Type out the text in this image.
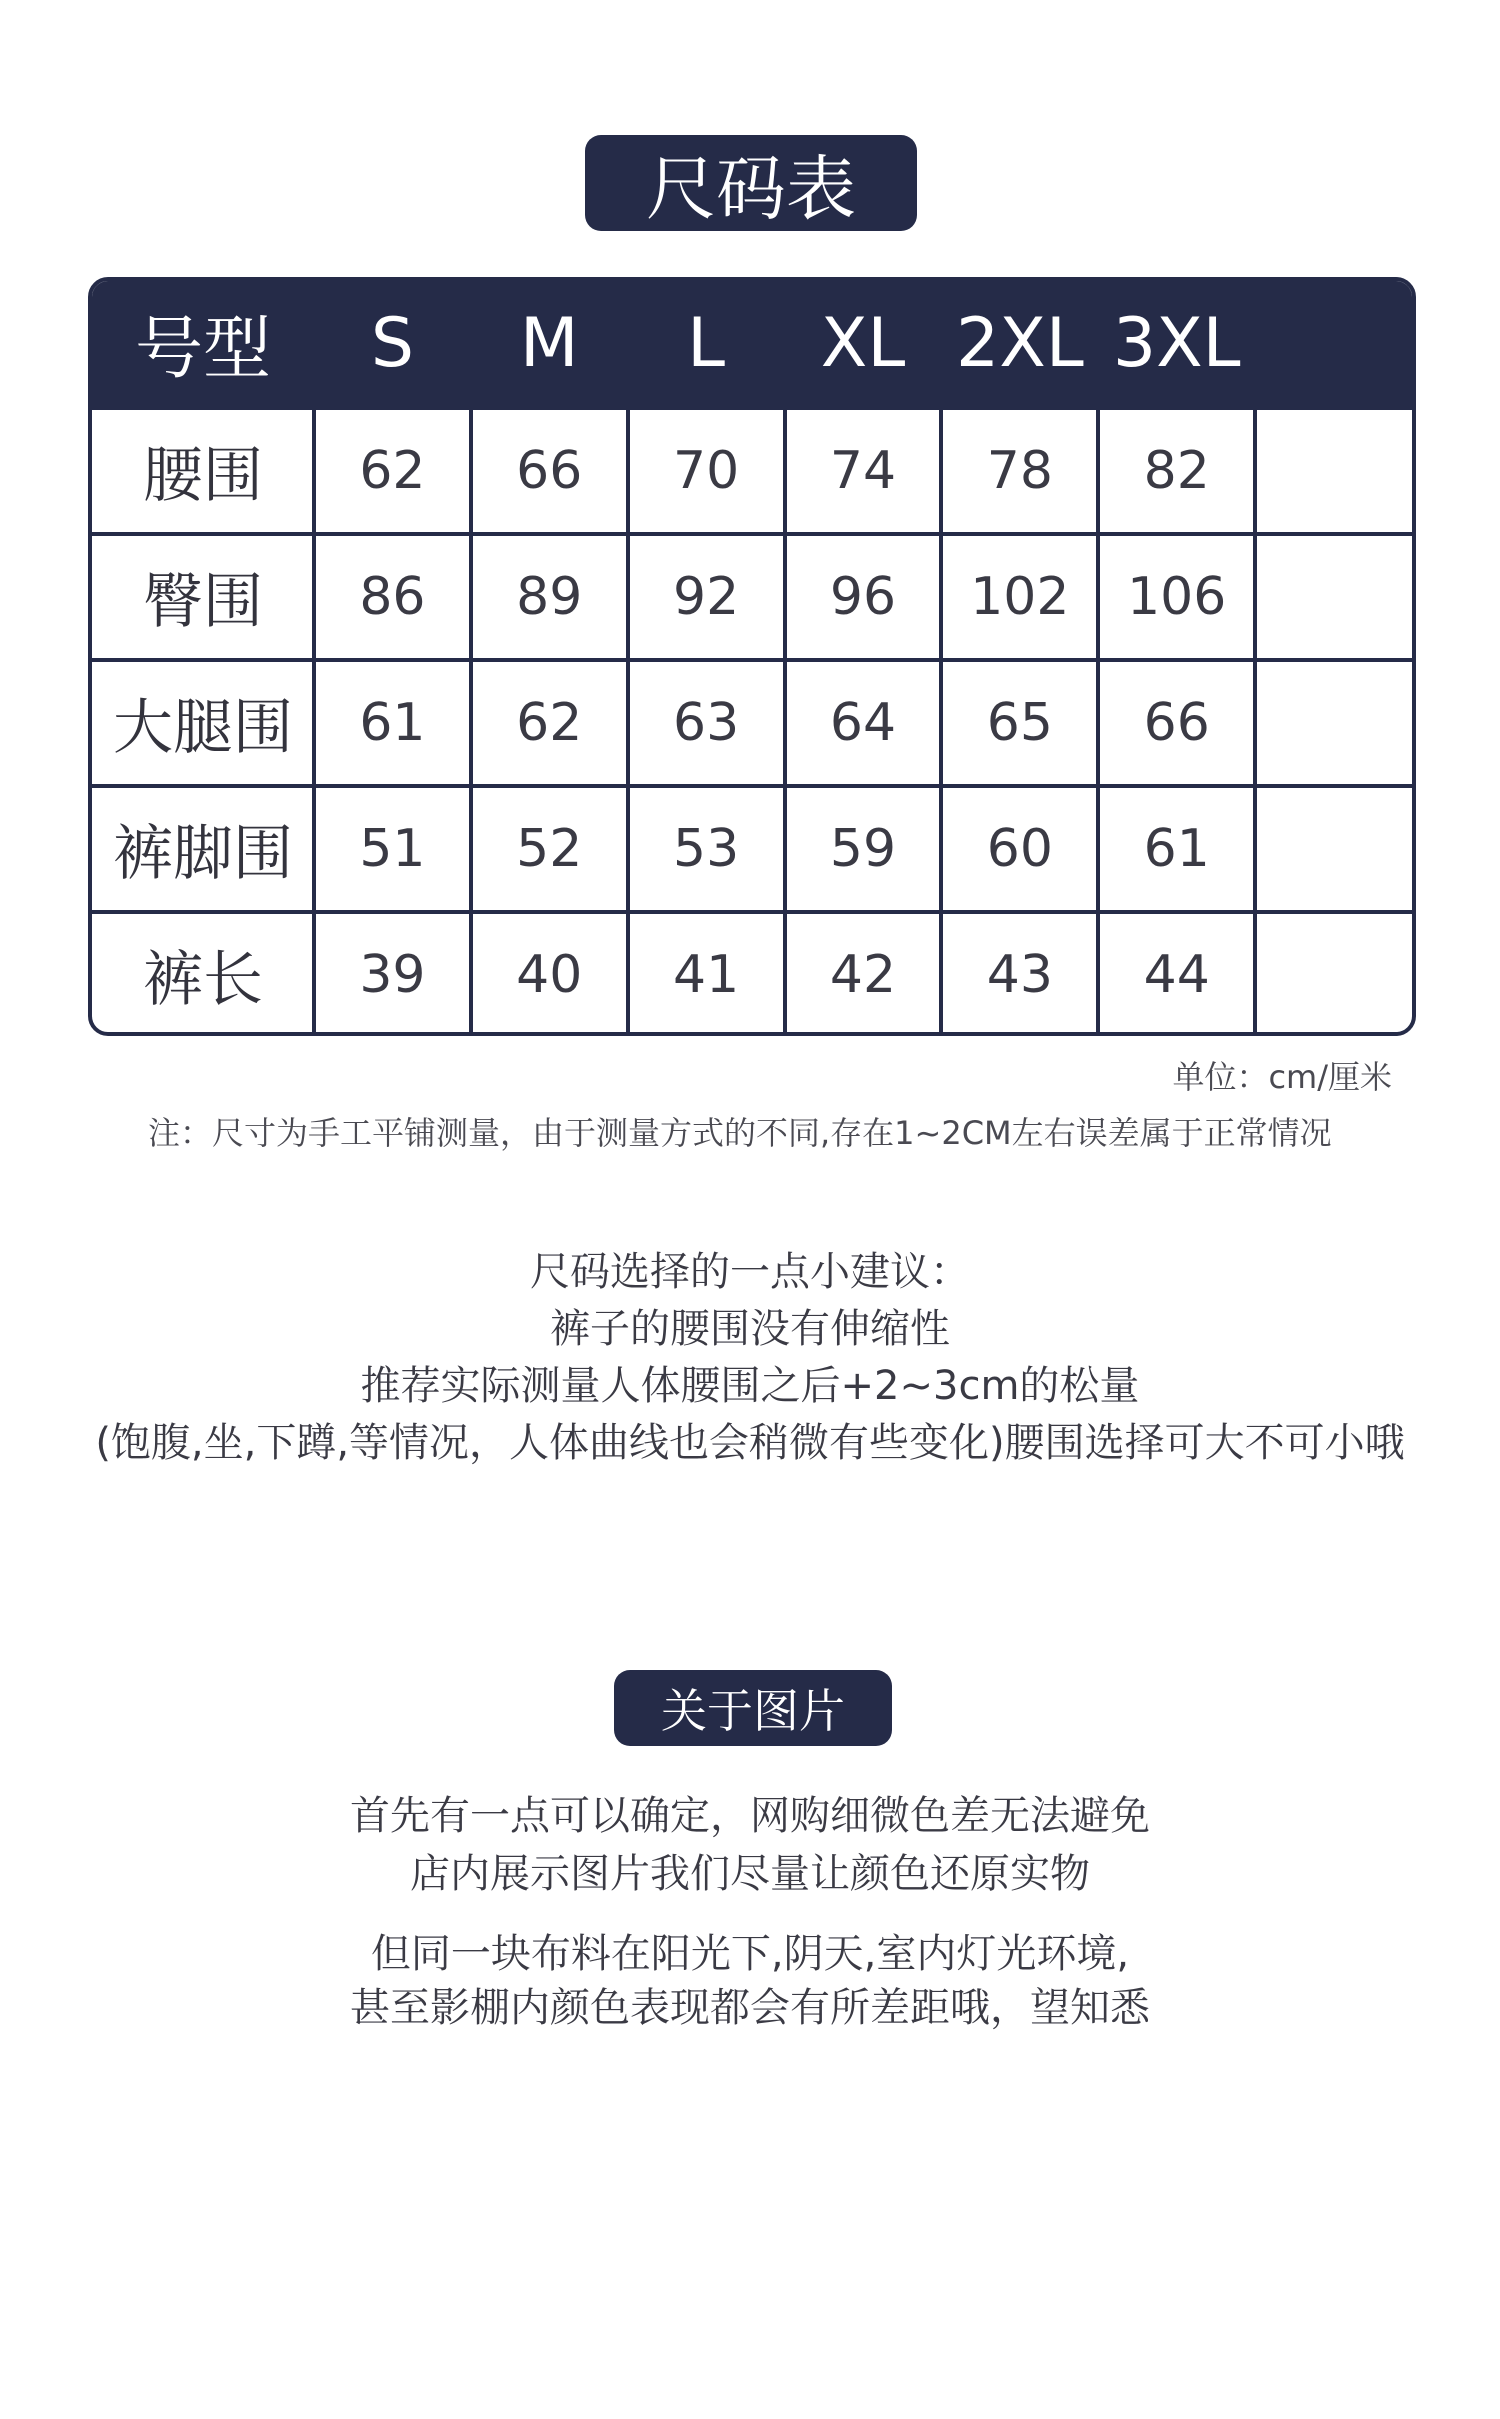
尺码表
号型	S	M	L	XL 2XL 3XL
腰围	62	66	70	74	78	82
臀围	86	89	92	96	102	106
大腿围	61	62	63	64	65	66
裤脚围	51	52	53	59	60	61
裤长	39	40	41	42	43	44
单位：cm/厘米
注：尺寸为手工平铺测量，由于测量方式的不同,存在1~2CM左右误差属于正常情况
尺码选择的一点小建议：
裤子的腰围没有伸缩性
推荐实际测量人体腰围之后+2~3cm的松量
(饱腹,坐,下蹲,等情况，人体曲线也会稍微有些变化)腰围选择可大不可小哦
关于图片
首先有一点可以确定，网购细微色差无法避免
店内展示图片我们尽量让颜色还原实物
但同一块布料在阳光下,阴天,室内灯光环境,
甚至影棚内颜色表现都会有所差距哦，望知悉
